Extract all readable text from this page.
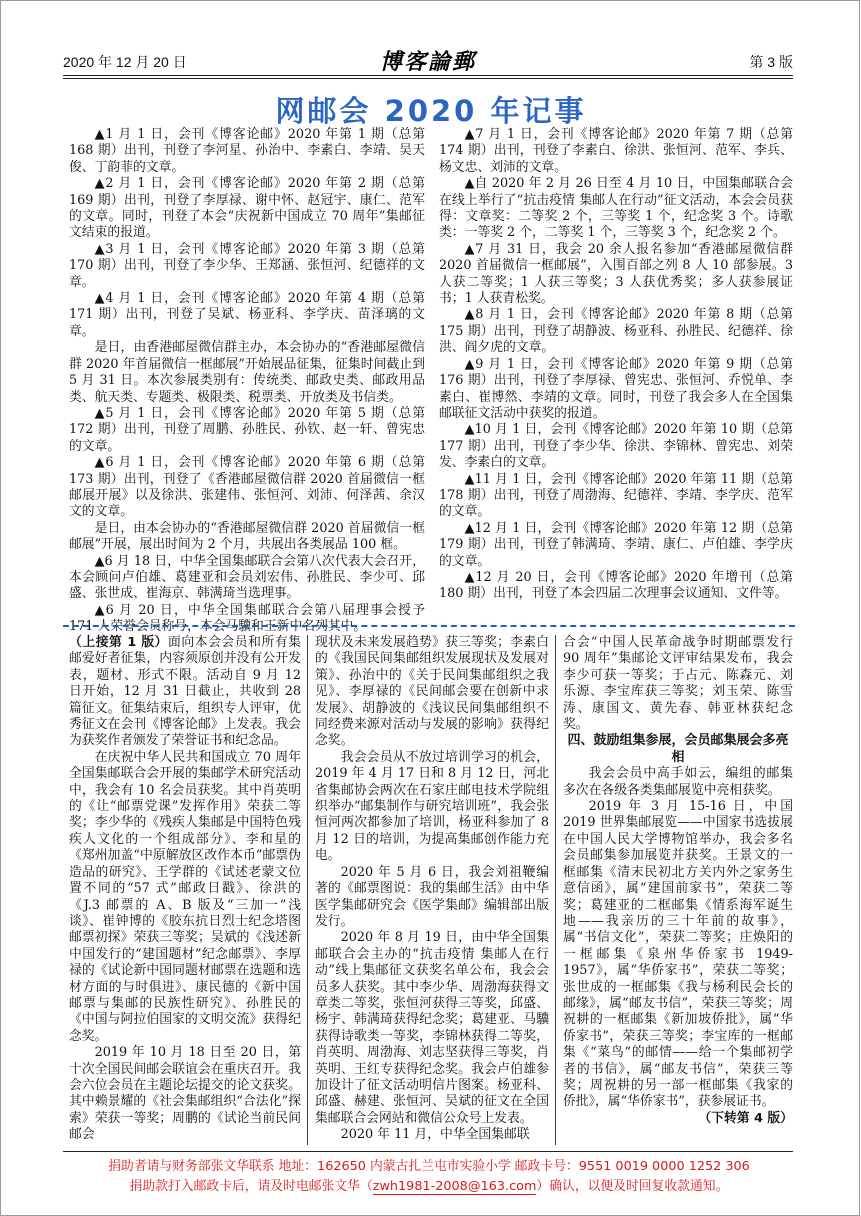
2020 年 12 月 20 日	博客論郵	第 3 版
网邮会 2020 年记事

▲1 月 1 日，会刊《博客论邮》2020 年第 1 期（总第 168 期）出刊，刊登了李河星、孙治中、李素白、李靖、吴天俊、丁韵菲的文章。

▲2 月 1 日，会刊《博客论邮》2020 年第 2 期（总第 169 期）出刊，刊登了李厚禄、谢中怀、赵冠宇、康仁、范军的文章。同时，刊登了本会“庆祝新中国成立 70 周年”集邮征文结束的报道。

▲3 月 1 日，会刊《博客论邮》2020 年第 3 期（总第 170 期）出刊，刊登了李少华、王郑涵、张恒河、纪德祥的文章。

▲4 月 1 日，会刊《博客论邮》2020 年第 4 期（总第 171 期）出刊，刊登了吴斌、杨亚科、李学庆、苗泽璃的文章。

是日，由香港邮屋微信群主办，本会协办的“香港邮屋微信群 2020 年首届微信一框邮展”开始展品征集，征集时间截止到 5 月 31 日。本次参展类别有：传统类、邮政史类、邮政用品类、航天类、专题类、极限类、税票类、开放类及书信类。

▲5 月 1 日，会刊《博客论邮》2020 年第 5 期（总第 172 期）出刊，刊登了周鹏、孙胜民、孙钦、赵一轩、曾宪忠的文章。

▲6 月 1 日，会刊《博客论邮》2020 年第 6 期（总第 173 期）出刊，刊登了《香港邮屋微信群 2020 首届微信一框邮展开展》以及徐洪、张建伟、张恒河、刘沛、何泽茜、余汉文的文章。

是日，由本会协办的“香港邮屋微信群 2020 首届微信一框邮展”开展，展出时间为 2 个月，共展出各类展品 100 框。

▲6 月 18 日，中华全国集邮联合会第八次代表大会召开，本会顾问卢伯雄、葛建亚和会员刘宏伟、孙胜民、李少可、邱盛、张世成、崔海京、韩满琦当选理事。

▲6 月 20 日，中华全国集邮联合会第八届理事会授予 171 人荣誉会员称号，本会马驥和王新中名列其中。

▲7 月 1 日，会刊《博客论邮》2020 年第 7 期（总第 174 期）出刊，刊登了李素白、徐洪、张恒河、范军、李兵、杨文忠、刘沛的文章。

▲自 2020 年 2 月 26 日至 4 月 10 日，中国集邮联合会在线上举行了“抗击疫情 集邮人在行动”征文活动，本会会员获得：文章奖：二等奖 2 个，三等奖 1 个，纪念奖 3 个。诗歌类：一等奖 2 个，二等奖 1 个，三等奖 3 个，纪念奖 2 个。

▲7 月 31 日，我会 20 余人报名参加“香港邮屋微信群 2020 首届微信一框邮展”，入围百部之列 8 人 10 部参展。3 人获二等奖；1 人获三等奖；3 人获优秀奖；多人获参展证书；1 人获青松奖。

▲8 月 1 日，会刊《博客论邮》2020 年第 8 期（总第 175 期）出刊，刊登了胡静波、杨亚科、孙胜民、纪德祥、徐洪、阎夕虎的文章。

▲9 月 1 日，会刊《博客论邮》2020 年第 9 期（总第 176 期）出刊，刊登了李厚禄、曾宪忠、张恒河、乔悦单、李素白、崔博然、李靖的文章。同时，刊登了我会多人在全国集邮联征文活动中获奖的报道。

▲10 月 1 日，会刊《博客论邮》2020 年第 10 期（总第 177 期）出刊，刊登了李少华、徐洪、李锦林、曾宪忠、刘荣发、李素白的文章。

▲11 月 1 日，会刊《博客论邮》2020 年第 11 期（总第 178 期）出刊，刊登了周渤海、纪德祥、李靖、李学庆、范军的文章。

▲12 月 1 日，会刊《博客论邮》2020 年第 12 期（总第 179 期）出刊，刊登了韩满琦、李靖、康仁、卢伯雄、李学庆的文章。

▲12 月 20 日，会刊《博客论邮》2020 年增刊（总第 180 期）出刊，刊登了本会四届二次理事会议通知、文件等。

（上接第 1 版）面向本会会员和所有集邮爱好者征集，内容须原创并没有公开发表，题材、形式不限。活动自 9 月 12 日开始，12 月 31 日截止，共收到 28 篇征文。征集结束后，组织专人评审，优秀征文在会刊《博客论邮》上发表。我会为获奖作者颁发了荣誉证书和纪念品。

在庆祝中华人民共和国成立 70 周年全国集邮联合会开展的集邮学术研究活动中，我会有 10 名会员获奖。其中肖英明的《让“邮票党课”发挥作用》荣获二等奖；李少华的《残疾人集邮是中国特色残疾人文化的一个组成部分》、李和星的《郑州加盖“中原解放区改作本币”邮票伪造品的研究》、王学群的《试述老蒙文位置不同的“57 式”邮政日戳》、徐洪的《J.3 邮票的 A、B 版及“三加一”浅谈》、崔钟博的《胶东抗日烈士纪念塔图邮票初探》荣获三等奖；吴斌的《浅述新中国发行的“建国题材”纪念邮票》、李厚禄的《试论新中国同题材邮票在选题和选材方面的与时俱进》、康民德的《新中国邮票与集邮的民族性研究》、孙胜民的《中国与阿拉伯国家的文明交流》获得纪念奖。

2019 年 10 月 18 日至 20 日，第十次全国民间邮会联谊会在重庆召开。我会六位会员在主题论坛提交的论文获奖。其中赖景耀的《社会集邮组织“合法化”探索》荣获一等奖；周鹏的《试论当前民间邮会

现状及未来发展趋势》获三等奖；李素白的《我国民间集邮组织发展现状及发展对策》、孙治中的《关于民间集邮组织之我见》、李厚禄的《民间邮会要在创新中求发展》、胡静波的《浅议民间集邮组织不同经费来源对活动与发展的影响》获得纪念奖。

我会会员从不放过培训学习的机会，2019 年 4 月 17 日和 8 月 12 日，河北省集邮协会两次在石家庄邮电技术学院组织举办“邮集制作与研究培训班”，我会张恒河两次都参加了培训，杨亚科参加了 8 月 12 日的培训，为提高集邮创作能力充电。

2020 年 5 月 6 日，我会刘祖鞭编著的《邮票图说：我的集邮生活》由中华医学集邮研究会《医学集邮》编辑部出版发行。

2020 年 8 月 19 日，由中华全国集邮联合会主办的“抗击疫情 集邮人在行动”线上集邮征文获奖名单公布，我会会员多人获奖。其中李少华、周渤海获得文章类二等奖，张恒河获得三等奖，邱盛、杨宇、韩满琦获得纪念奖；葛建亚、马驥获得诗歌类一等奖，李锦林获得二等奖，肖英明、周渤海、刘志坚获得三等奖，肖英明、王红专获得纪念奖。我会卢伯雄参加设计了征文活动明信片图案。杨亚科、邱盛、赫建、张恒河、吴斌的征文在全国集邮联合会网站和微信公众号上发表。

2020 年 11 月，中华全国集邮联

合会“中国人民革命战争时期邮票发行 90 周年”集邮论文评审结果发布，我会李少可获一等奖；于占元、陈森元、刘乐源、李宝库获三等奖；刘玉荣、陈雪涛、康国文、黄先春、韩亚林获纪念奖。

四、鼓励组集参展，会员邮集展会多亮相

我会会员中高手如云，编组的邮集多次在各级各类集邮展览中亮相获奖。

2019 年 3 月 15-16 日，中国 2019 世界集邮展览——中国家书选拔展在中国人民大学博物馆举办，我会多名会员邮集参加展览并获奖。王景文的一框邮集《清末民初北方关内外之家务生意信函》，属“建国前家书”，荣获二等奖；葛建亚的二框邮集《情系海军诞生地——我亲历的三十年前的故事》，属“书信文化”，荣获二等奖；庄焕阳的一框邮集《泉州华侨家书 1949-1957》，属“华侨家书”，荣获二等奖；张世成的一框邮集《我与杨利民会长的邮缘》，属“邮友书信”，荣获三等奖；周祝耕的一框邮集《新加坡侨批》，属“华侨家书”，荣获三等奖；李宝库的一框邮集《“菜鸟”的邮情——给一个集邮初学者的书信》，属“邮友书信”，荣获三等奖；周祝耕的另一部一框邮集《我家的侨批》，属“华侨家书”，获参展证书。

（下转第 4 版）

捐助者请与财务部张文华联系 地址：162650 内蒙古扎兰屯市实验小学 邮政卡号：9551 0019 0000 1252 306
捐助款打入邮政卡后，请及时电邮张文华（zwh1981-2008@163.com）确认，以便及时回复收款通知。
